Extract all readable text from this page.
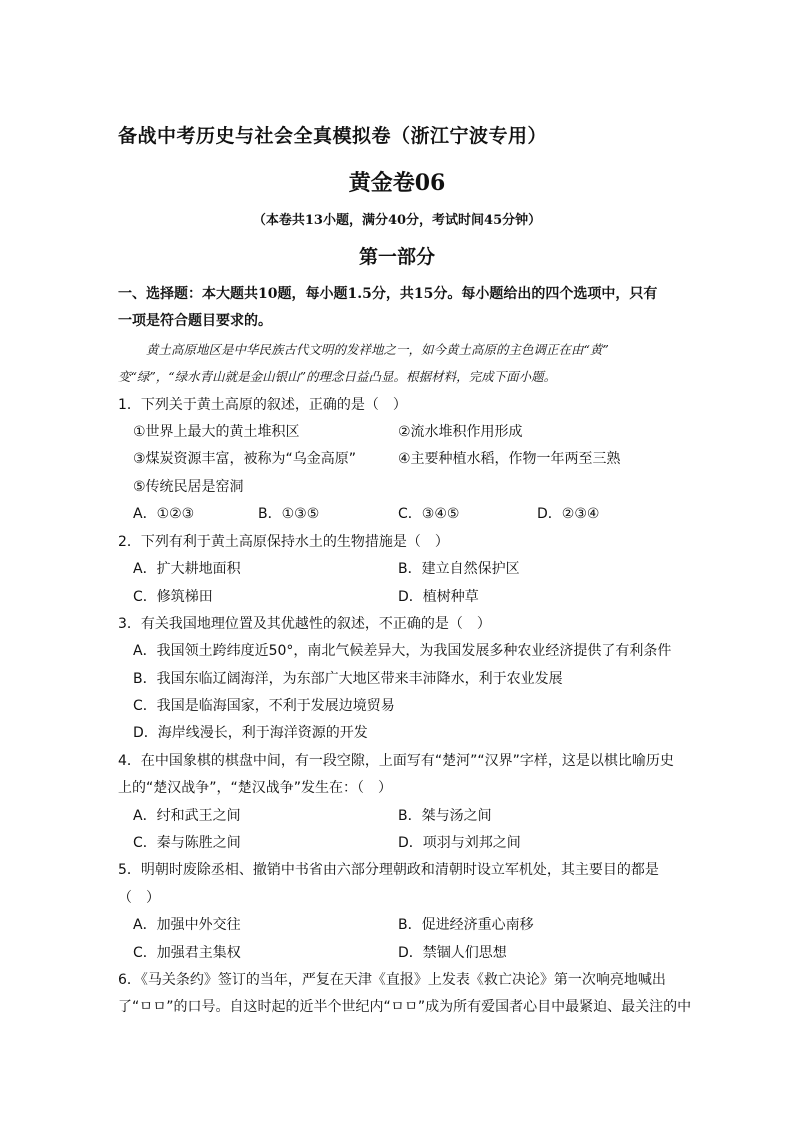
备战中考历史与社会全真模拟卷（浙江宁波专用）
黄金卷06
（本卷共13小题，满分40分，考试时间45分钟）
第一部分
一、选择题：本大题共10题，每小题1.5分，共15分。每小题给出的四个选项中，只有
一项是符合题目要求的。
黄土高原地区是中华民族古代文明的发祥地之一，如今黄土高原的主色调正在由“黄”
变“绿”，“绿水青山就是金山银山”的理念日益凸显。根据材料，完成下面小题。
1．下列关于黄土高原的叙述，正确的是（　）
①世界上最大的黄土堆积区	②流水堆积作用形成
③煤炭资源丰富，被称为“乌金高原”	④主要种植水稻，作物一年两至三熟
⑤传统民居是窑洞
A．①②③	B．①③⑤	C．③④⑤	D．②③④
2．下列有利于黄土高原保持水土的生物措施是（　）
A．扩大耕地面积	B．建立自然保护区
C．修筑梯田	D．植树种草
3．有关我国地理位置及其优越性的叙述，不正确的是（　）
A．我国领土跨纬度近50°，南北气候差异大，为我国发展多种农业经济提供了有利条件
B．我国东临辽阔海洋，为东部广大地区带来丰沛降水，利于农业发展
C．我国是临海国家，不利于发展边境贸易
D．海岸线漫长，利于海洋资源的开发
4．在中国象棋的棋盘中间，有一段空隙，上面写有“楚河”“汉界”字样，这是以棋比喻历史
上的“楚汉战争”，“楚汉战争”发生在：（　）
A．纣和武王之间	B．桀与汤之间
C．秦与陈胜之间	D．项羽与刘邦之间
5．明朝时废除丞相、撤销中书省由六部分理朝政和清朝时设立军机处，其主要目的都是
（　）
A．加强中外交往	B．促进经济重心南移
C．加强君主集权	D．禁锢人们思想
6．《马关条约》签订的当年，严复在天津《直报》上发表《救亡决论》第一次响亮地喊出
了“ㅁㅁ”的口号。自这时起的近半个世纪内“ㅁㅁ”成为所有爱国者心目中最紧迫、最关注的中
